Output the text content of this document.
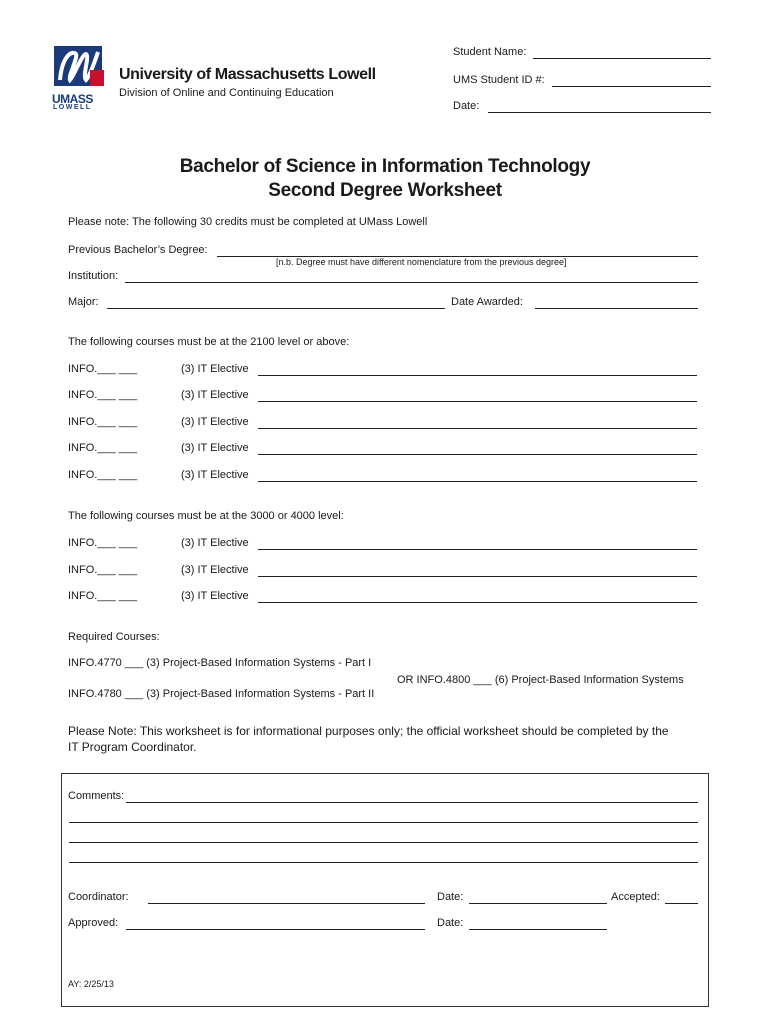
UMASS
LOWELL
University of Massachusetts Lowell
Division of Online and Continuing Education
Student Name:
UMS Student ID #:
Date:
Bachelor of Science in Information Technology
Second Degree Worksheet
Please note: The following 30 credits must be completed at UMass Lowell
Previous Bachelor’s Degree:
[n.b. Degree must have different nomenclature from the previous degree]
Institution:
Major:	Date Awarded:
The following courses must be at the 2100 level or above:
INFO.___ ___	(3) IT Elective
INFO.___ ___	(3) IT Elective
INFO.___ ___	(3) IT Elective
INFO.___ ___	(3) IT Elective
INFO.___ ___	(3) IT Elective
The following courses must be at the 3000 or 4000 level:
INFO.___ ___	(3) IT Elective
INFO.___ ___	(3) IT Elective
INFO.___ ___	(3) IT Elective
Required Courses:
INFO.4770 ___ (3) Project-Based Information Systems - Part I
OR INFO.4800 ___ (6) Project-Based Information Systems
INFO.4780 ___ (3) Project-Based Information Systems - Part II
Please Note: This worksheet is for informational purposes only; the official worksheet should be completed by the
IT Program Coordinator.
Comments:
Coordinator:	Date:	Accepted:
Approved:	Date:
AY: 2/25/13
